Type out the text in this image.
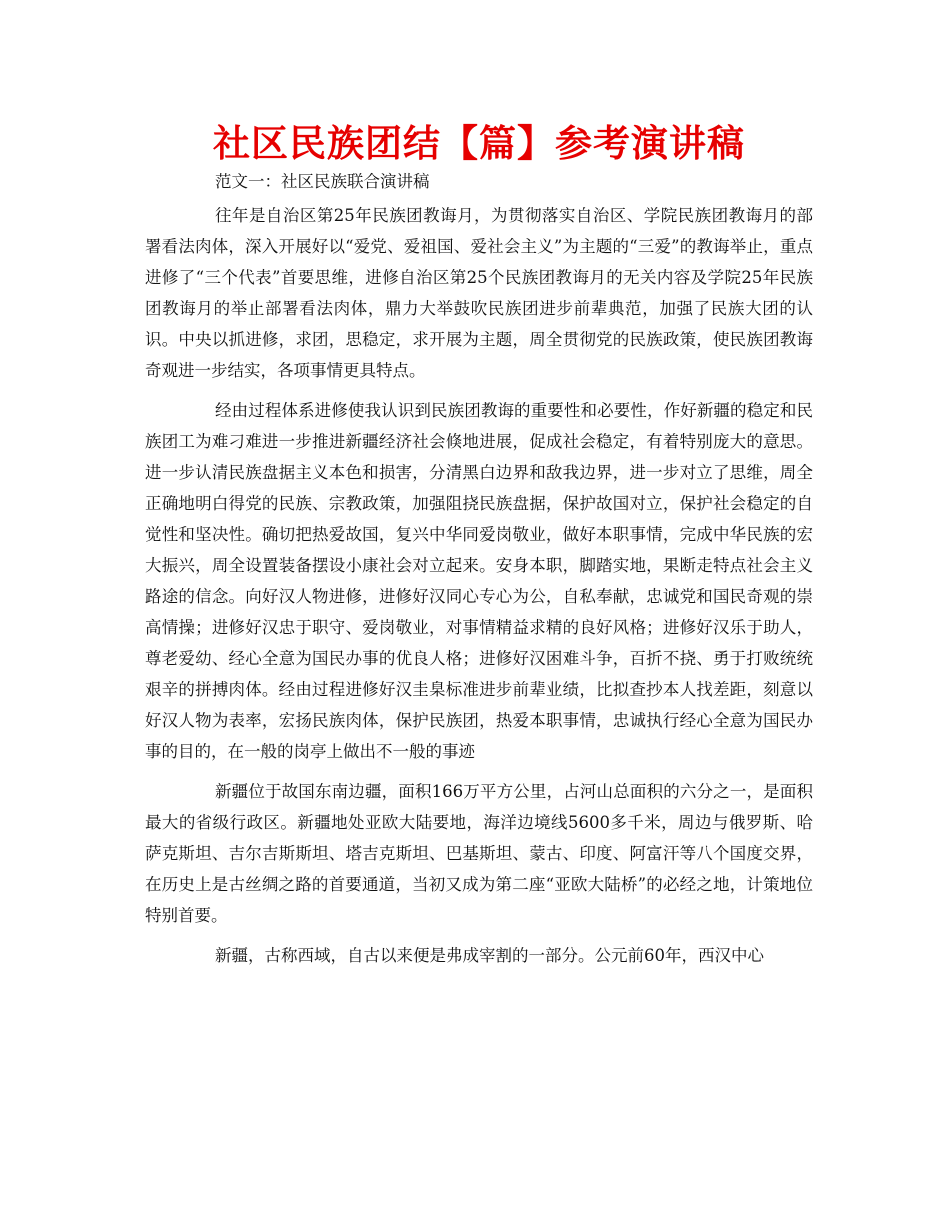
社区民族团结【篇】参考演讲稿

范文一：社区民族联合演讲稿

往年是自治区第25年民族团教诲月，为贯彻落实自治区、学院民族团教诲月的部署看法肉体，深入开展好以“爱党、爱祖国、爱社会主义”为主题的“三爱”的教诲举止，重点进修了“三个代表”首要思维，进修自治区第25个民族团教诲月的无关内容及学院25年民族团教诲月的举止部署看法肉体，鼎力大举鼓吹民族团进步前辈典范，加强了民族大团的认识。中央以抓进修，求团，思稳定，求开展为主题，周全贯彻党的民族政策，使民族团教诲奇观进一步结实，各项事情更具特点。

经由过程体系进修使我认识到民族团教诲的重要性和必要性，作好新疆的稳定和民族团工为难刁难进一步推进新疆经济社会倏地进展，促成社会稳定，有着特别庞大的意思。进一步认清民族盘据主义本色和损害，分清黑白边界和敌我边界，进一步对立了思维，周全正确地明白得党的民族、宗教政策，加强阻挠民族盘据，保护故国对立，保护社会稳定的自觉性和坚决性。确切把热爱故国，复兴中华同爱岗敬业，做好本职事情，完成中华民族的宏大振兴，周全设置装备摆设小康社会对立起来。安身本职，脚踏实地，果断走特点社会主义路途的信念。向好汉人物进修，进修好汉同心专心为公，自私奉献，忠诚党和国民奇观的崇高情操；进修好汉忠于职守、爱岗敬业，对事情精益求精的良好风格；进修好汉乐于助人，尊老爱幼、经心全意为国民办事的优良人格；进修好汉困难斗争，百折不挠、勇于打败统统艰辛的拼搏肉体。经由过程进修好汉圭臬标准进步前辈业绩，比拟查抄本人找差距，刻意以好汉人物为表率，宏扬民族肉体，保护民族团，热爱本职事情，忠诚执行经心全意为国民办事的目的，在一般的岗亭上做出不一般的事迹

新疆位于故国东南边疆，面积166万平方公里，占河山总面积的六分之一，是面积最大的省级行政区。新疆地处亚欧大陆要地，海洋边境线5600多千米，周边与俄罗斯、哈萨克斯坦、吉尔吉斯斯坦、塔吉克斯坦、巴基斯坦、蒙古、印度、阿富汗等八个国度交界，在历史上是古丝绸之路的首要通道，当初又成为第二座“亚欧大陆桥”的必经之地，计策地位特别首要。

新疆，古称西域，自古以来便是弗成宰割的一部分。公元前60年，西汉中心
